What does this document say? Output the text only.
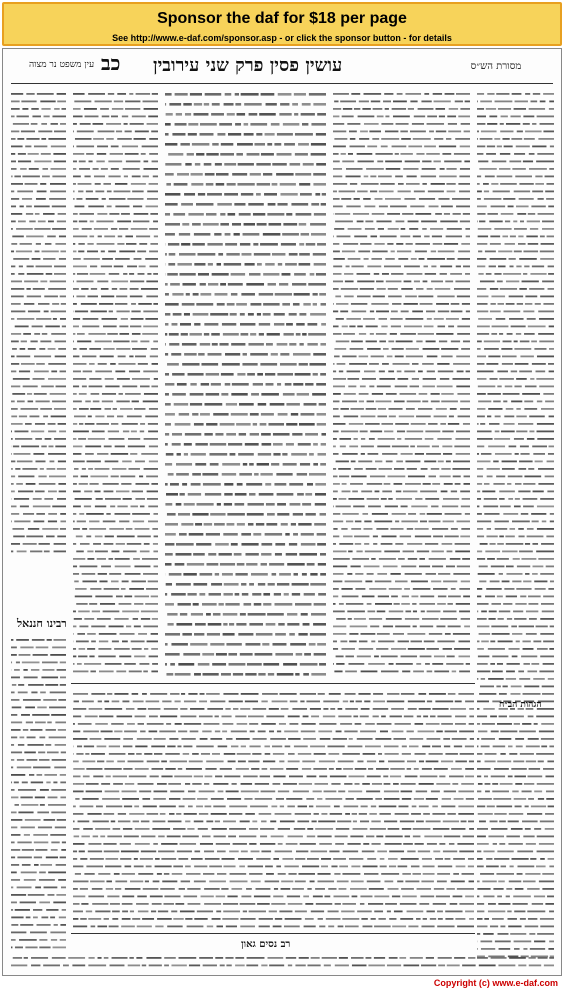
Sponsor the daf for $18 per page
See http://www.e-daf.com/sponsor.asp - or click the sponsor button - for details
מסורת הש״ס
עושין פסין פרק שני עירובין
כב
עין משפט נר מצוה
רבינו חננאל
הגהות הב״ח
רב נסים גאון
Copyright (c) www.e-daf.com
